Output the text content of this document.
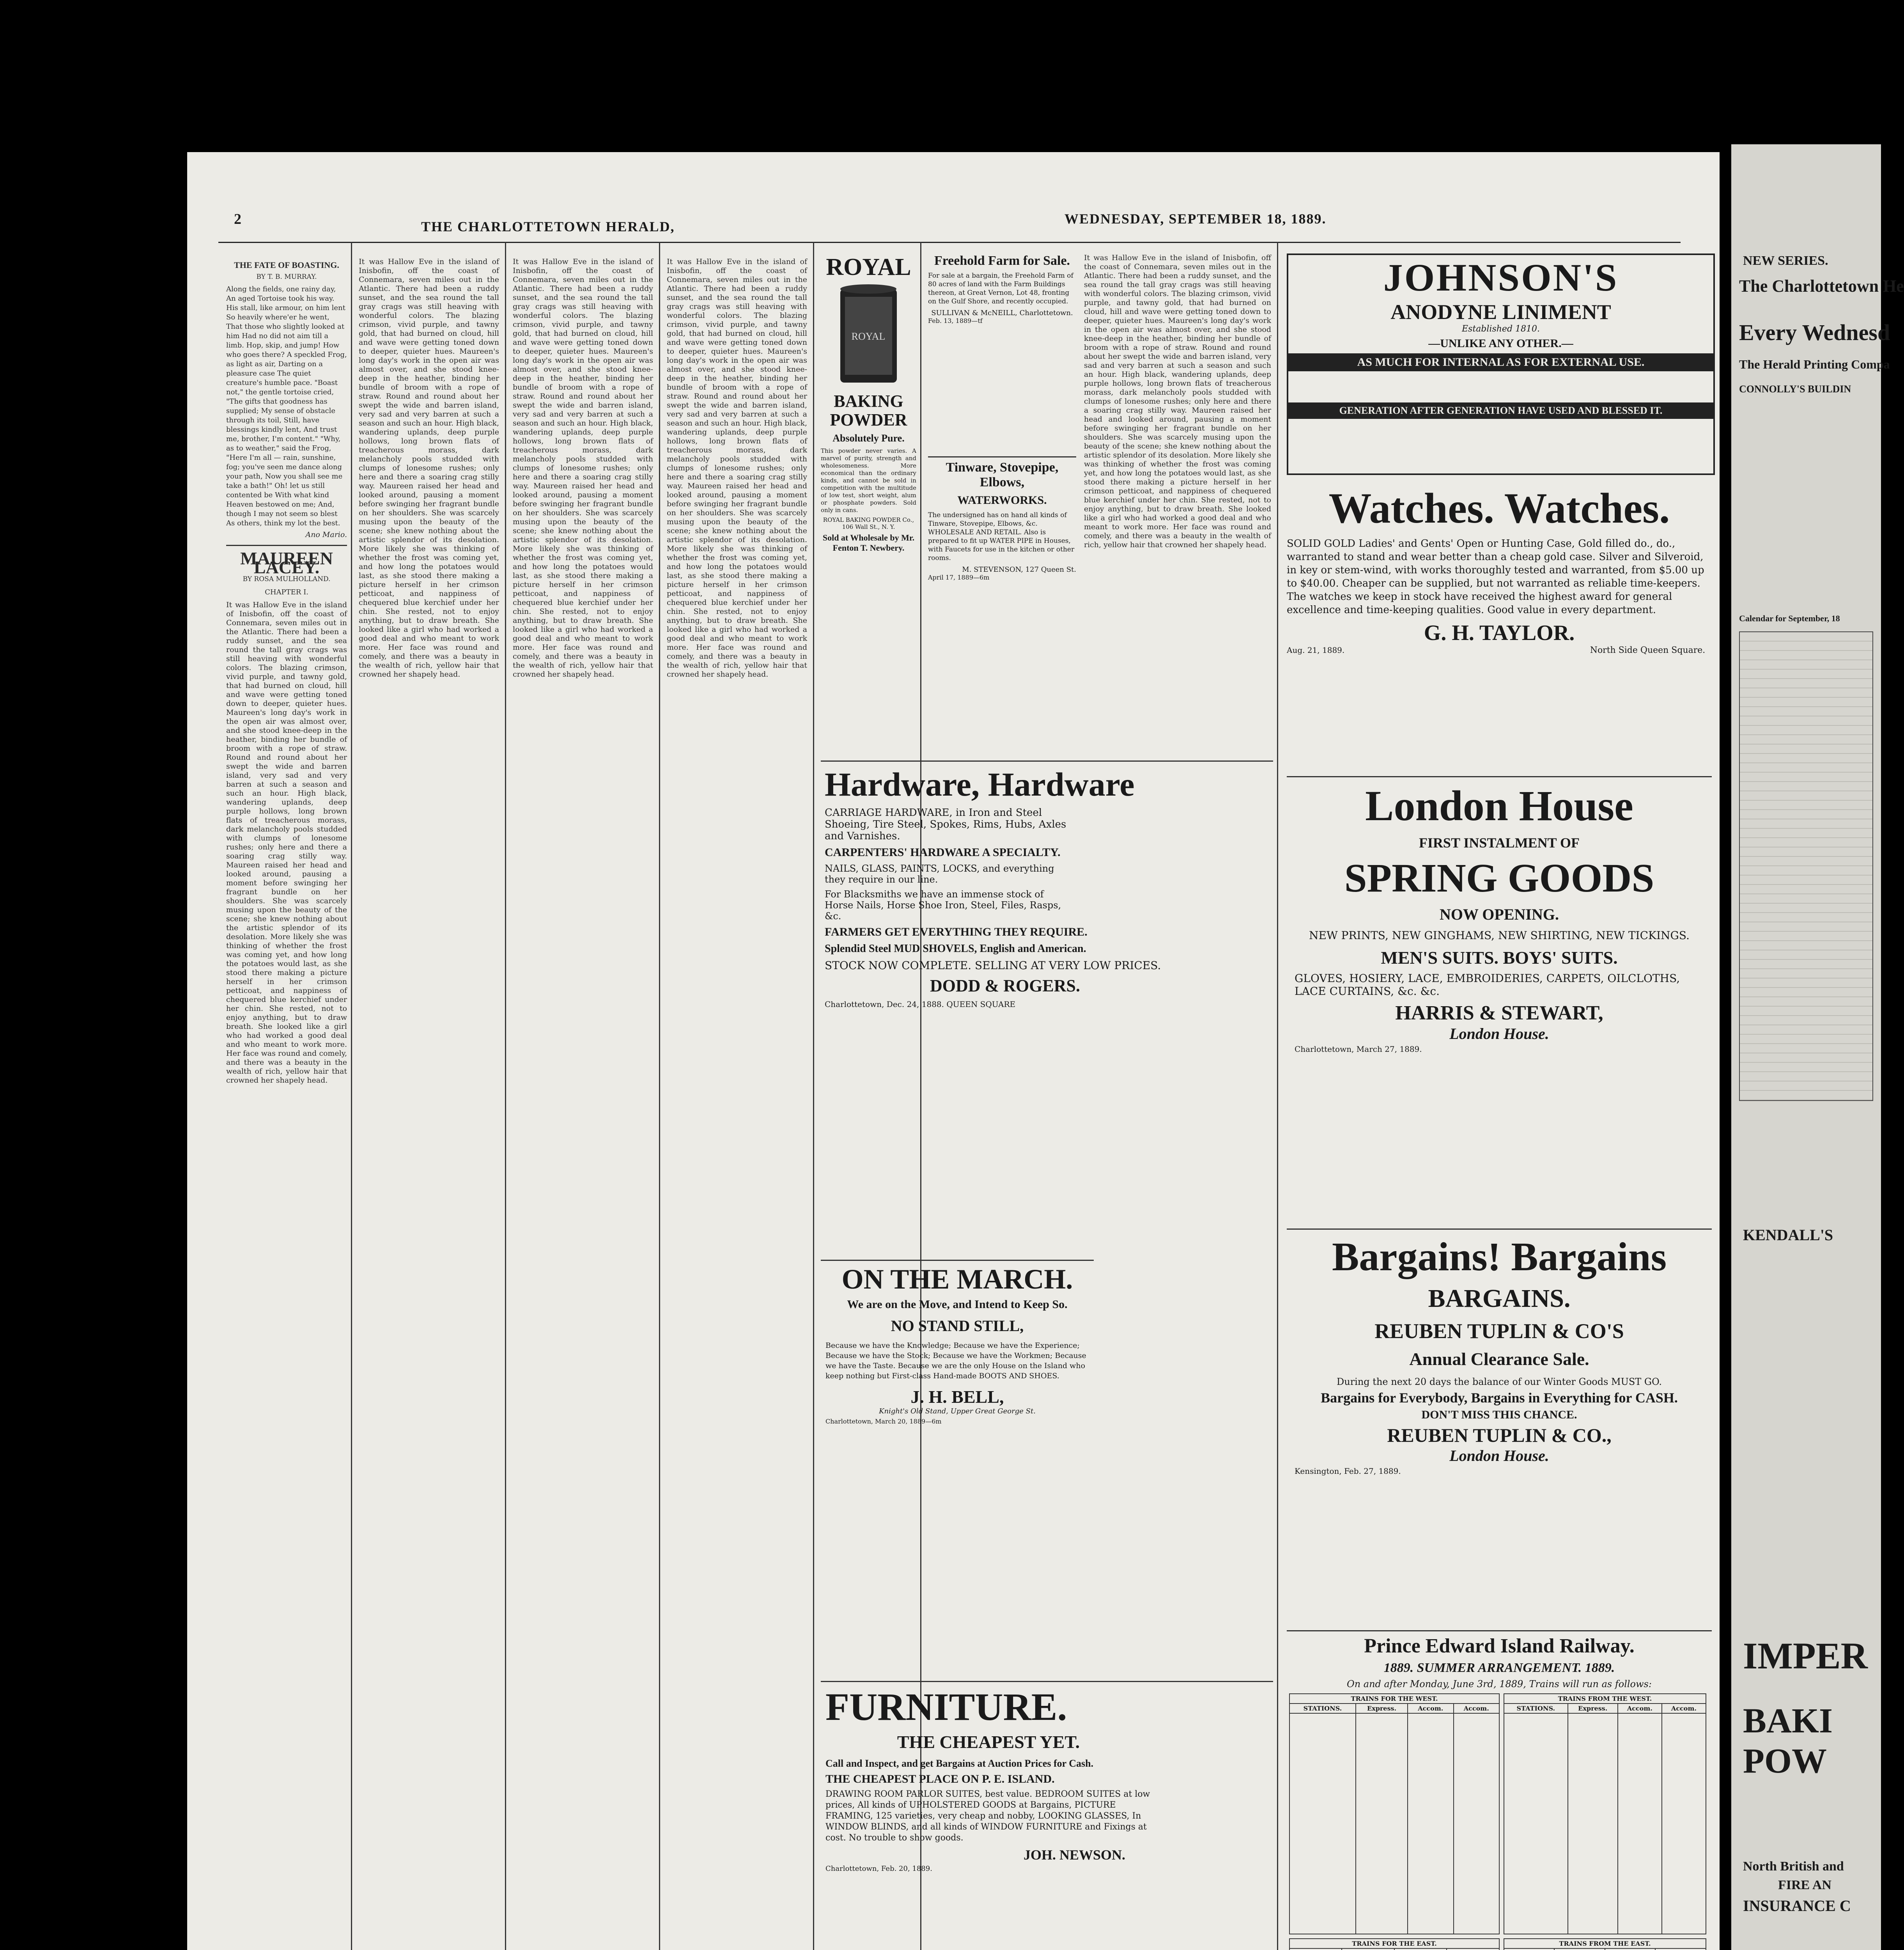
2	THE CHARLOTTETOWN HERALD,	WEDNESDAY, SEPTEMBER 18, 1889.
THE FATE OF BOASTING.
BY T. B. MURRAY.
Along the fields, one rainy day, An aged Tortoise took his way. His stall, like armour, on him lent So heavily where'er he went, That those who slightly looked at him Had no did not aim till a limb. Hop, skip, and jump! How who goes there? A speckled Frog, as light as air, Darting on a pleasure case The quiet creature's humble pace. "Boast not," the gentle tortoise cried, "The gifts that goodness has supplied; My sense of obstacle through its toil, Still, have blessings kindly lent, And trust me, brother, I'm content." "Why, as to weather," said the Frog, "Here I'm all — rain, sunshine, fog; you've seen me dance along your path, Now you shall see me take a bath!" Oh! let us still contented be With what kind Heaven bestowed on me; And, though I may not seem so blest As others, think my lot the best.
Ano Mario.
MAUREEN LACEY.
BY ROSA MULHOLLAND.
CHAPTER I.
It was Hallow Eve in the island of Inisbofin, off the coast of Connemara, seven miles out in the Atlantic. There had been a ruddy sunset, and the sea round the tall gray crags was still heaving with wonderful colors. The blazing crimson, vivid purple, and tawny gold, that had burned on cloud, hill and wave were getting toned down to deeper, quieter hues. Maureen's long day's work in the open air was almost over, and she stood knee-deep in the heather, binding her bundle of broom with a rope of straw. Round and round about her swept the wide and barren island, very sad and very barren at such a season and such an hour. High black, wandering uplands, deep purple hollows, long brown flats of treacherous morass, dark melancholy pools studded with clumps of lonesome rushes; only here and there a soaring crag stilly way. Maureen raised her head and looked around, pausing a moment before swinging her fragrant bundle on her shoulders. She was scarcely musing upon the beauty of the scene; she knew nothing about the artistic splendor of its desolation. More likely she was thinking of whether the frost was coming yet, and how long the potatoes would last, as she stood there making a picture herself in her crimson petticoat, and nappiness of chequered blue kerchief under her chin. She rested, not to enjoy anything, but to draw breath. She looked like a girl who had worked a good deal and who meant to work more. Her face was round and comely, and there was a beauty in the wealth of rich, yellow hair that crowned her shapely head.
It was Hallow Eve in the island of Inisbofin, off the coast of Connemara, seven miles out in the Atlantic. There had been a ruddy sunset, and the sea round the tall gray crags was still heaving with wonderful colors. The blazing crimson, vivid purple, and tawny gold, that had burned on cloud, hill and wave were getting toned down to deeper, quieter hues. Maureen's long day's work in the open air was almost over, and she stood knee-deep in the heather, binding her bundle of broom with a rope of straw. Round and round about her swept the wide and barren island, very sad and very barren at such a season and such an hour. High black, wandering uplands, deep purple hollows, long brown flats of treacherous morass, dark melancholy pools studded with clumps of lonesome rushes; only here and there a soaring crag stilly way. Maureen raised her head and looked around, pausing a moment before swinging her fragrant bundle on her shoulders. She was scarcely musing upon the beauty of the scene; she knew nothing about the artistic splendor of its desolation. More likely she was thinking of whether the frost was coming yet, and how long the potatoes would last, as she stood there making a picture herself in her crimson petticoat, and nappiness of chequered blue kerchief under her chin. She rested, not to enjoy anything, but to draw breath. She looked like a girl who had worked a good deal and who meant to work more. Her face was round and comely, and there was a beauty in the wealth of rich, yellow hair that crowned her shapely head.
It was Hallow Eve in the island of Inisbofin, off the coast of Connemara, seven miles out in the Atlantic. There had been a ruddy sunset, and the sea round the tall gray crags was still heaving with wonderful colors. The blazing crimson, vivid purple, and tawny gold, that had burned on cloud, hill and wave were getting toned down to deeper, quieter hues. Maureen's long day's work in the open air was almost over, and she stood knee-deep in the heather, binding her bundle of broom with a rope of straw. Round and round about her swept the wide and barren island, very sad and very barren at such a season and such an hour. High black, wandering uplands, deep purple hollows, long brown flats of treacherous morass, dark melancholy pools studded with clumps of lonesome rushes; only here and there a soaring crag stilly way. Maureen raised her head and looked around, pausing a moment before swinging her fragrant bundle on her shoulders. She was scarcely musing upon the beauty of the scene; she knew nothing about the artistic splendor of its desolation. More likely she was thinking of whether the frost was coming yet, and how long the potatoes would last, as she stood there making a picture herself in her crimson petticoat, and nappiness of chequered blue kerchief under her chin. She rested, not to enjoy anything, but to draw breath. She looked like a girl who had worked a good deal and who meant to work more. Her face was round and comely, and there was a beauty in the wealth of rich, yellow hair that crowned her shapely head.
It was Hallow Eve in the island of Inisbofin, off the coast of Connemara, seven miles out in the Atlantic. There had been a ruddy sunset, and the sea round the tall gray crags was still heaving with wonderful colors. The blazing crimson, vivid purple, and tawny gold, that had burned on cloud, hill and wave were getting toned down to deeper, quieter hues. Maureen's long day's work in the open air was almost over, and she stood knee-deep in the heather, binding her bundle of broom with a rope of straw. Round and round about her swept the wide and barren island, very sad and very barren at such a season and such an hour. High black, wandering uplands, deep purple hollows, long brown flats of treacherous morass, dark melancholy pools studded with clumps of lonesome rushes; only here and there a soaring crag stilly way. Maureen raised her head and looked around, pausing a moment before swinging her fragrant bundle on her shoulders. She was scarcely musing upon the beauty of the scene; she knew nothing about the artistic splendor of its desolation. More likely she was thinking of whether the frost was coming yet, and how long the potatoes would last, as she stood there making a picture herself in her crimson petticoat, and nappiness of chequered blue kerchief under her chin. She rested, not to enjoy anything, but to draw breath. She looked like a girl who had worked a good deal and who meant to work more. Her face was round and comely, and there was a beauty in the wealth of rich, yellow hair that crowned her shapely head.
ROYAL
ROYAL
BAKING POWDER
Absolutely Pure.
This powder never varies. A marvel of purity, strength and wholesomeness. More economical than the ordinary kinds, and cannot be sold in competition with the multitude of low test, short weight, alum or phosphate powders. Sold only in cans.
ROYAL BAKING POWDER Co., 106 Wall St., N. Y.
Sold at Wholesale by Mr. Fenton T. Newbery.
Freehold Farm for Sale.
For sale at a bargain, the Freehold Farm of 80 acres of land with the Farm Buildings thereon, at Great Vernon, Lot 48, fronting on the Gulf Shore, and recently occupied.
SULLIVAN & McNEILL, Charlottetown.
Feb. 13, 1889—tf
Tinware, Stovepipe, Elbows,
WATERWORKS.
The undersigned has on hand all kinds of Tinware, Stovepipe, Elbows, &c. WHOLESALE AND RETAIL. Also is prepared to fit up WATER PIPE in Houses, with Faucets for use in the kitchen or other rooms.
M. STEVENSON, 127 Queen St.
April 17, 1889—6m
It was Hallow Eve in the island of Inisbofin, off the coast of Connemara, seven miles out in the Atlantic. There had been a ruddy sunset, and the sea round the tall gray crags was still heaving with wonderful colors. The blazing crimson, vivid purple, and tawny gold, that had burned on cloud, hill and wave were getting toned down to deeper, quieter hues. Maureen's long day's work in the open air was almost over, and she stood knee-deep in the heather, binding her bundle of broom with a rope of straw. Round and round about her swept the wide and barren island, very sad and very barren at such a season and such an hour. High black, wandering uplands, deep purple hollows, long brown flats of treacherous morass, dark melancholy pools studded with clumps of lonesome rushes; only here and there a soaring crag stilly way. Maureen raised her head and looked around, pausing a moment before swinging her fragrant bundle on her shoulders. She was scarcely musing upon the beauty of the scene; she knew nothing about the artistic splendor of its desolation. More likely she was thinking of whether the frost was coming yet, and how long the potatoes would last, as she stood there making a picture herself in her crimson petticoat, and nappiness of chequered blue kerchief under her chin. She rested, not to enjoy anything, but to draw breath. She looked like a girl who had worked a good deal and who meant to work more. Her face was round and comely, and there was a beauty in the wealth of rich, yellow hair that crowned her shapely head.
Hardware, Hardware
CARRIAGE HARDWARE, in Iron and Steel Shoeing, Tire Steel, Spokes, Rims, Hubs, Axles and Varnishes.
CARPENTERS' HARDWARE A SPECIALTY.
NAILS, GLASS, PAINTS, LOCKS, and everything they require in our line.
For Blacksmiths we have an immense stock of Horse Nails, Horse Shoe Iron, Steel, Files, Rasps, &c.
FARMERS GET EVERYTHING THEY REQUIRE.
Splendid Steel MUD SHOVELS, English and American.
STOCK NOW COMPLETE. SELLING AT VERY LOW PRICES.
DODD & ROGERS.
Charlottetown, Dec. 24, 1888. QUEEN SQUARE
ON THE MARCH.
We are on the Move, and Intend to Keep So.
NO STAND STILL,
Because we have the Knowledge; Because we have the Experience; Because we have the Stock; Because we have the Workmen; Because we have the Taste. Because we are the only House on the Island who keep nothing but First-class Hand-made BOOTS AND SHOES.
J. H. BELL,
Knight's Old Stand, Upper Great George St.
Charlottetown, March 20, 1889—6m
FURNITURE.
THE CHEAPEST YET.
Call and Inspect, and get Bargains at Auction Prices for Cash.
THE CHEAPEST PLACE ON P. E. ISLAND.
DRAWING ROOM PARLOR SUITES, best value. BEDROOM SUITES at low prices, All kinds of UPHOLSTERED GOODS at Bargains, PICTURE FRAMING, 125 varieties, very cheap and nobby, LOOKING GLASSES, In WINDOW BLINDS, and all kinds of WINDOW FURNITURE and Fixings at cost. No trouble to show goods.
JOH. NEWSON.
Charlottetown, Feb. 20, 1889.
JOHNSON'S
ANODYNE LINIMENT
Established 1810.
—UNLIKE ANY OTHER.—
AS MUCH FOR INTERNAL AS FOR EXTERNAL USE.
GENERATION AFTER GENERATION HAVE USED AND BLESSED IT.
Watches. Watches.
SOLID GOLD Ladies' and Gents' Open or Hunting Case, Gold filled do., do., warranted to stand and wear better than a cheap gold case. Silver and Silveroid, in key or stem-wind, with works thoroughly tested and warranted, from $5.00 up to $40.00. Cheaper can be supplied, but not warranted as reliable time-keepers. The watches we keep in stock have received the highest award for general excellence and time-keeping qualities. Good value in every department.
G. H. TAYLOR.
Aug. 21, 1889.	North Side Queen Square.
London House
FIRST INSTALMENT OF
SPRING GOODS
NOW OPENING.
NEW PRINTS, NEW GINGHAMS, NEW SHIRTING, NEW TICKINGS.
MEN'S SUITS. BOYS' SUITS.
GLOVES, HOSIERY, LACE, EMBROIDERIES, CARPETS, OILCLOTHS, LACE CURTAINS, &c. &c.
HARRIS & STEWART,
London House.
Charlottetown, March 27, 1889.
Bargains! Bargains
BARGAINS.
REUBEN TUPLIN & CO'S
Annual Clearance Sale.
During the next 20 days the balance of our Winter Goods MUST GO.
Bargains for Everybody, Bargains in Everything for CASH.
DON'T MISS THIS CHANCE.
REUBEN TUPLIN & CO.,
London House.
Kensington, Feb. 27, 1889.
Prince Edward Island Railway.
1889. SUMMER ARRANGEMENT. 1889.
On and after Monday, June 3rd, 1889, Trains will run as follows:
TRAINS FOR THE WEST.			
STATIONS.	Express.	Accom.	Accom.

TRAINS FROM THE WEST.			
STATIONS.	Express.	Accom.	Accom.

TRAINS FOR THE EAST.
				TRAINS FROM THE EAST.

NEW SERIES.
The Charlottetown He
Every Wednesd
The Herald Printing Compa
CONNOLLY'S BUILDIN
Calendar for September, 18
KENDALL'S
IMPER
BAKI
POW
North British and
FIRE AN
INSURANCE C
